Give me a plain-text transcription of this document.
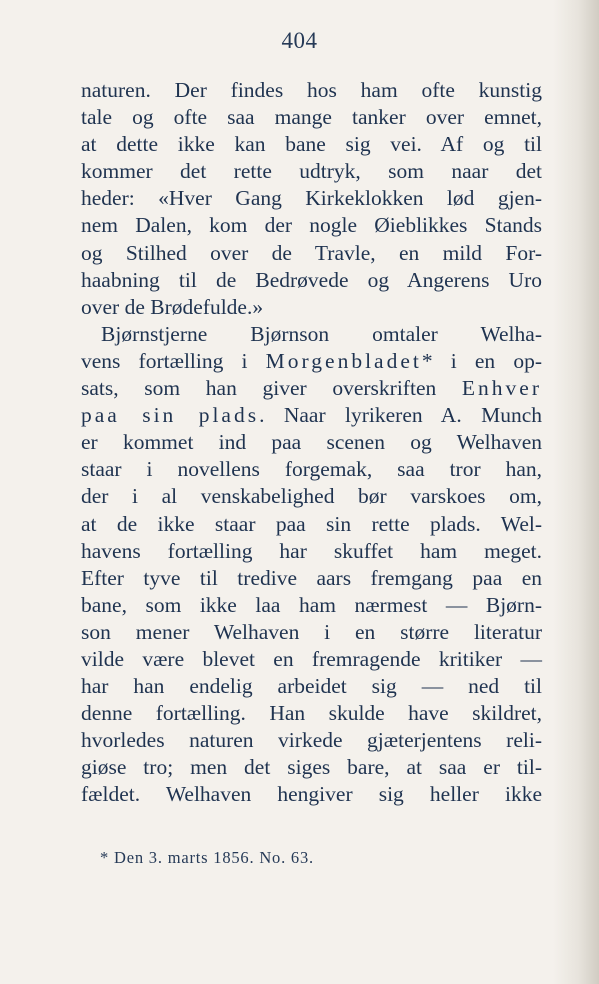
404
naturen. Der findes hos ham ofte kunstig
tale og ofte saa mange tanker over emnet,
at dette ikke kan bane sig vei. Af og til
kommer det rette udtryk, som naar det
heder: «Hver Gang Kirkeklokken lød gjen-
nem Dalen, kom der nogle Øieblikkes Stands
og Stilhed over de Travle, en mild For-
haabning til de Bedrøvede og Angerens Uro
over de Brødefulde.»
Bjørnstjerne Bjørnson omtaler Welha-
vens fortælling i Morgenbladet* i en op-
sats, som han giver overskriften Enhver
paa sin plads. Naar lyrikeren A. Munch
er kommet ind paa scenen og Welhaven
staar i novellens forgemak, saa tror han,
der i al venskabelighed bør varskoes om,
at de ikke staar paa sin rette plads. Wel-
havens fortælling har skuffet ham meget.
Efter tyve til tredive aars fremgang paa en
bane, som ikke laa ham nærmest — Bjørn-
son mener Welhaven i en større literatur
vilde være blevet en fremragende kritiker —
har han endelig arbeidet sig — ned til
denne fortælling. Han skulde have skildret,
hvorledes naturen virkede gjæterjentens reli-
giøse tro; men det siges bare, at saa er til-
fældet. Welhaven hengiver sig heller ikke
* Den 3. marts 1856. No. 63.
